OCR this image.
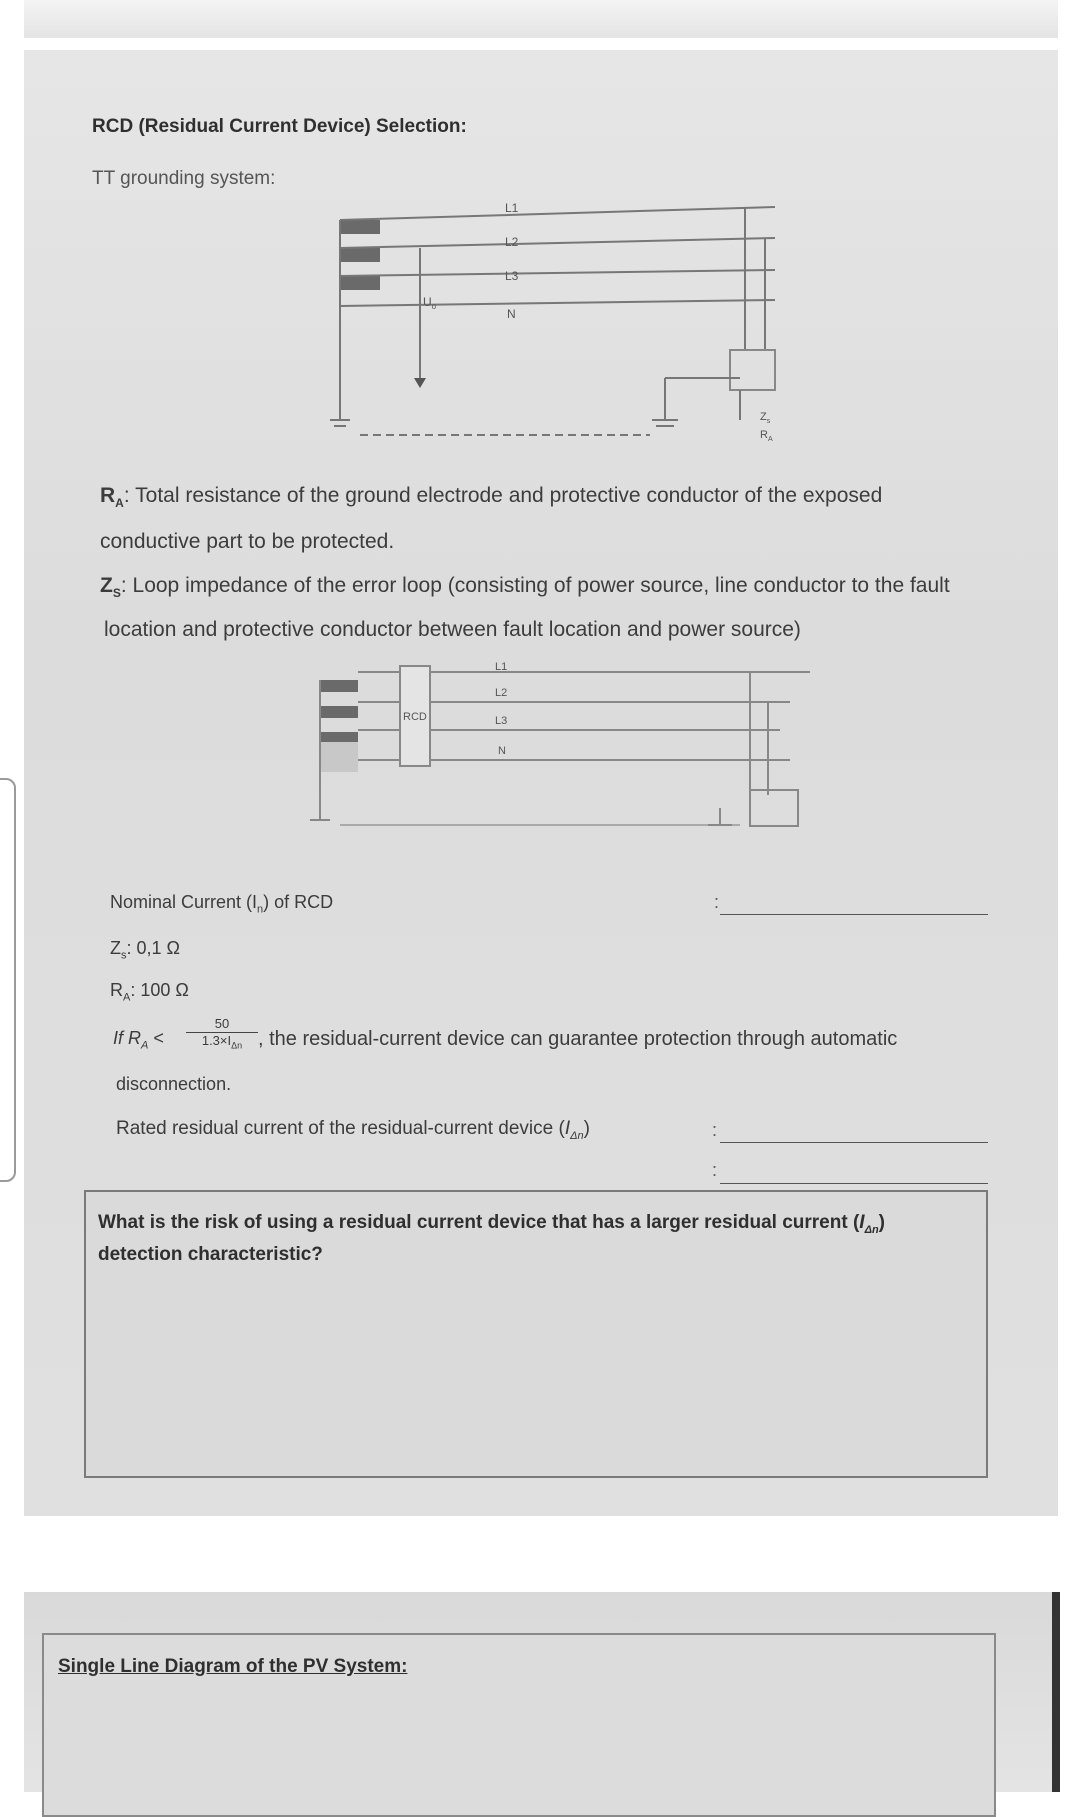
RCD (Residual Current Device) Selection:
TT grounding system:
L1
L2
L3
N
$U_o$
$Z_s$
$R_A$
$R_A$: Total resistance of the ground electrode and protective conductor of the exposed
conductive part to be protected.
$Z_S$: Loop impedance of the error loop (consisting of power source, line conductor to the fault
location and protective conductor between fault location and power source)
RCD
L1
L2
L3
N
Nominal Current $(I_n)$ of RCD	:
$Z_s$: 0,1 Ω
$R_A$: 100 Ω
If $R_A$ <
50
$1.3\times I_{\Delta n}$ , the residual-current device can guarantee protection through automatic
disconnection.
Rated residual current of the residual-current device $(I_{\Delta n})$	:
:
What is the risk of using a residual current device that has a larger residual current $(I_{\Delta n})$
detection characteristic?
Single Line Diagram of the PV System:
